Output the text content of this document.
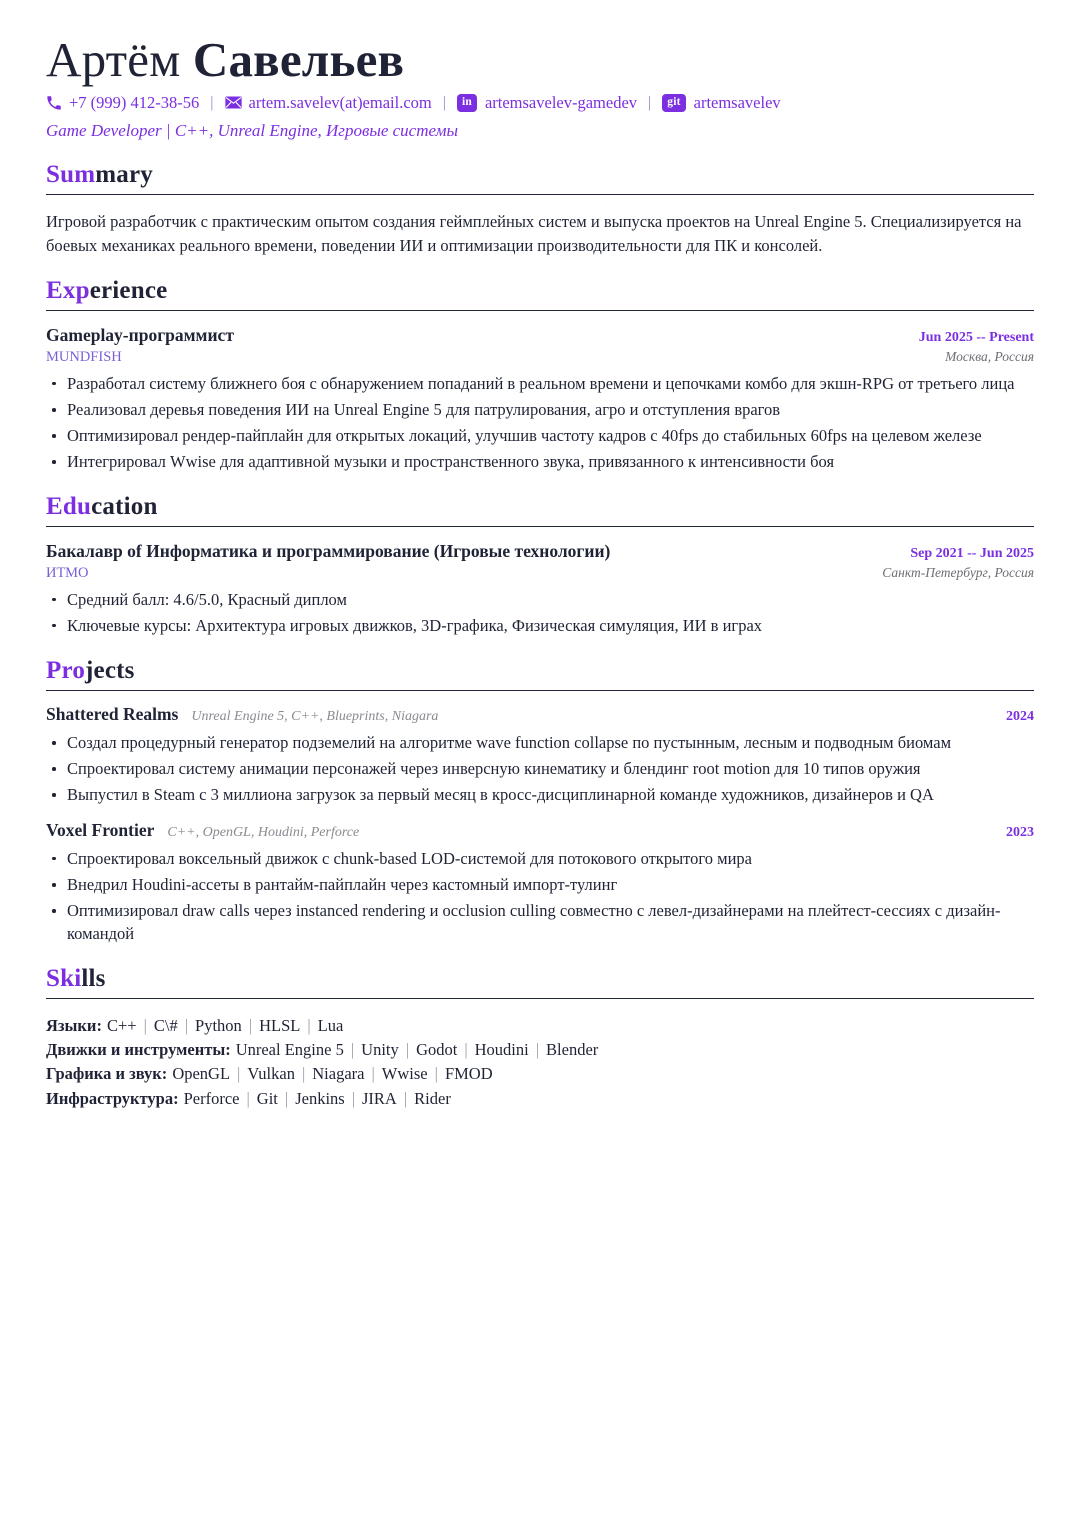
Артём Савельев
+7 (999) 412-38-56 |	artem.savelev(at)email.com |	in artemsavelev-gamedev |	git artemsavelev
Game Developer | C++, Unreal Engine, Игровые системы
Summary

Игровой разработчик с практическим опытом создания геймплейных систем и выпуска проектов на Unreal Engine 5. Специализируется на боевых механиках реального времени, поведении ИИ и оптимизации производительности для ПК и консолей.

Experience
Gameplay-программист	Jun 2025 -- Present
MUNDFISH	Москва, Россия
Разработал систему ближнего боя с обнаружением попаданий в реальном времени и цепочками комбо для экшн-RPG от третьего лица
Реализовал деревья поведения ИИ на Unreal Engine 5 для патрулирования, агро и отступления врагов
Оптимизировал рендер-пайплайн для открытых локаций, улучшив частоту кадров с 40fps до стабильных 60fps на целевом железе
Интегрировал Wwise для адаптивной музыки и пространственного звука, привязанного к интенсивности боя
Education
Бакалавр of Информатика и программирование (Игровые технологии)	Sep 2021 -- Jun 2025
ИТМО	Санкт-Петербург, Россия
Средний балл: 4.6/5.0, Красный диплом
Ключевые курсы: Архитектура игровых движков, 3D-графика, Физическая симуляция, ИИ в играх
Projects
Shattered Realms Unreal Engine 5, C++, Blueprints, Niagara	2024
Создал процедурный генератор подземелий на алгоритме wave function collapse по пустынным, лесным и подводным биомам
Спроектировал систему анимации персонажей через инверсную кинематику и блендинг root motion для 10 типов оружия
Выпустил в Steam с 3 миллиона загрузок за первый месяц в кросс-дисциплинарной команде художников, дизайнеров и QA
Voxel Frontier C++, OpenGL, Houdini, Perforce	2023
Спроектировал воксельный движок с chunk-based LOD-системой для потокового открытого мира
Внедрил Houdini-ассеты в рантайм-пайплайн через кастомный импорт-тулинг
Оптимизировал draw calls через instanced rendering и occlusion culling совместно с левел-дизайнерами на плейтест-сессиях с дизайн-командой
Skills
Языки: C++ | C\# | Python | HLSL | Lua
Движки и инструменты: Unreal Engine 5 | Unity | Godot | Houdini | Blender
Графика и звук: OpenGL | Vulkan | Niagara | Wwise | FMOD
Инфраструктура: Perforce | Git | Jenkins | JIRA | Rider
